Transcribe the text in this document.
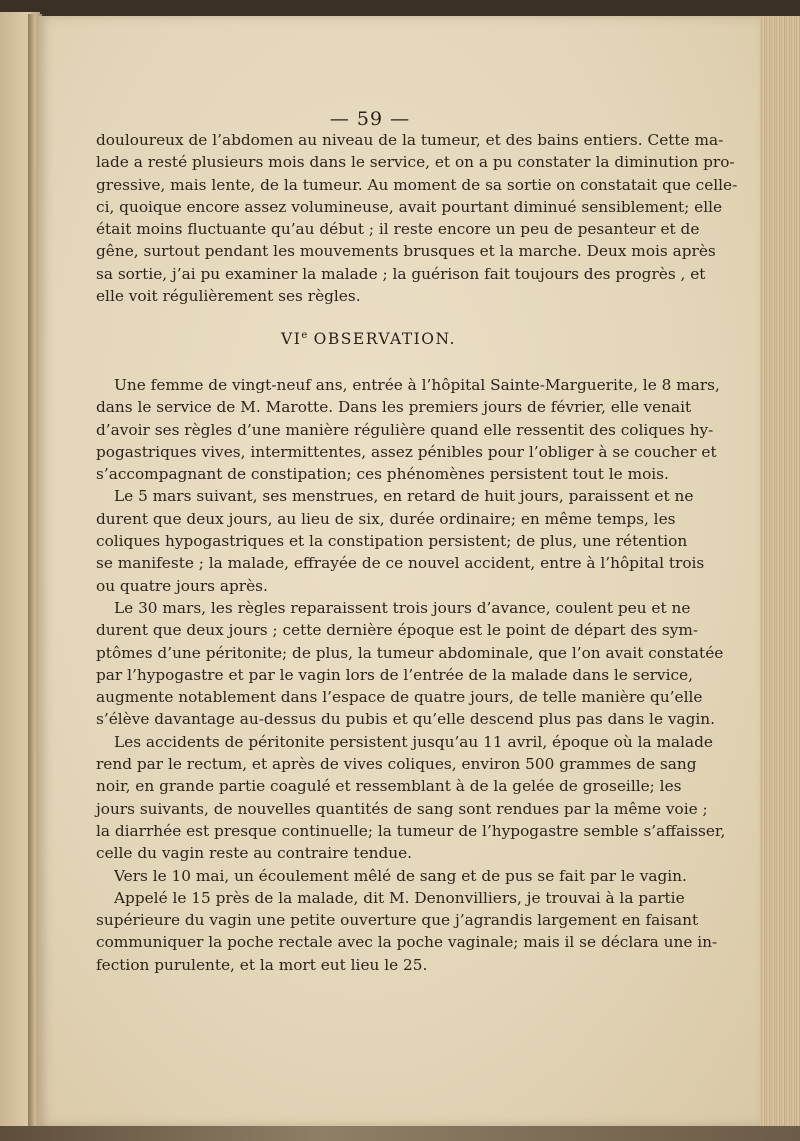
— 59 —

douloureux de l’abdomen au niveau de la tumeur, et des bains entiers. Cette ma-
lade a resté plusieurs mois dans le service, et on a pu constater la diminution pro-
gressive, mais lente, de la tumeur. Au moment de sa sortie on constatait que celle-
ci, quoique encore assez volumineuse, avait pourtant diminué sensiblement; elle
était moins fluctuante qu’au début ; il reste encore un peu de pesanteur et de
gêne, surtout pendant les mouvements brusques et la marche. Deux mois après
sa sortie, j’ai pu examiner la malade ; la guérison fait toujours des progrès , et
elle voit régulièrement ses règles.

VIe OBSERVATION.

Une femme de vingt-neuf ans, entrée à l’hôpital Sainte-Marguerite, le 8 mars,
dans le service de M. Marotte. Dans les premiers jours de février, elle venait
d’avoir ses règles d’une manière régulière quand elle ressentit des coliques hy-
pogastriques vives, intermittentes, assez pénibles pour l’obliger à se coucher et
s’accompagnant de constipation; ces phénomènes persistent tout le mois.
Le 5 mars suivant, ses menstrues, en retard de huit jours, paraissent et ne
durent que deux jours, au lieu de six, durée ordinaire; en même temps, les
coliques hypogastriques et la constipation persistent; de plus, une rétention
se manifeste ; la malade, effrayée de ce nouvel accident, entre à l’hôpital trois
ou quatre jours après.
Le 30 mars, les règles reparaissent trois jours d’avance, coulent peu et ne
durent que deux jours ; cette dernière époque est le point de départ des sym-
ptômes d’une péritonite; de plus, la tumeur abdominale, que l’on avait constatée
par l’hypogastre et par le vagin lors de l’entrée de la malade dans le service,
augmente notablement dans l’espace de quatre jours, de telle manière qu’elle
s’élève davantage au-dessus du pubis et qu’elle descend plus pas dans le vagin.
Les accidents de péritonite persistent jusqu’au 11 avril, époque où la malade
rend par le rectum, et après de vives coliques, environ 500 grammes de sang
noir, en grande partie coagulé et ressemblant à de la gelée de groseille; les
jours suivants, de nouvelles quantités de sang sont rendues par la même voie ;
la diarrhée est presque continuelle; la tumeur de l’hypogastre semble s’affaisser,
celle du vagin reste au contraire tendue.
Vers le 10 mai, un écoulement mêlé de sang et de pus se fait par le vagin.
Appelé le 15 près de la malade, dit M. Denonvilliers, je trouvai à la partie
supérieure du vagin une petite ouverture que j’agrandis largement en faisant
communiquer la poche rectale avec la poche vaginale; mais il se déclara une in-
fection purulente, et la mort eut lieu le 25.
